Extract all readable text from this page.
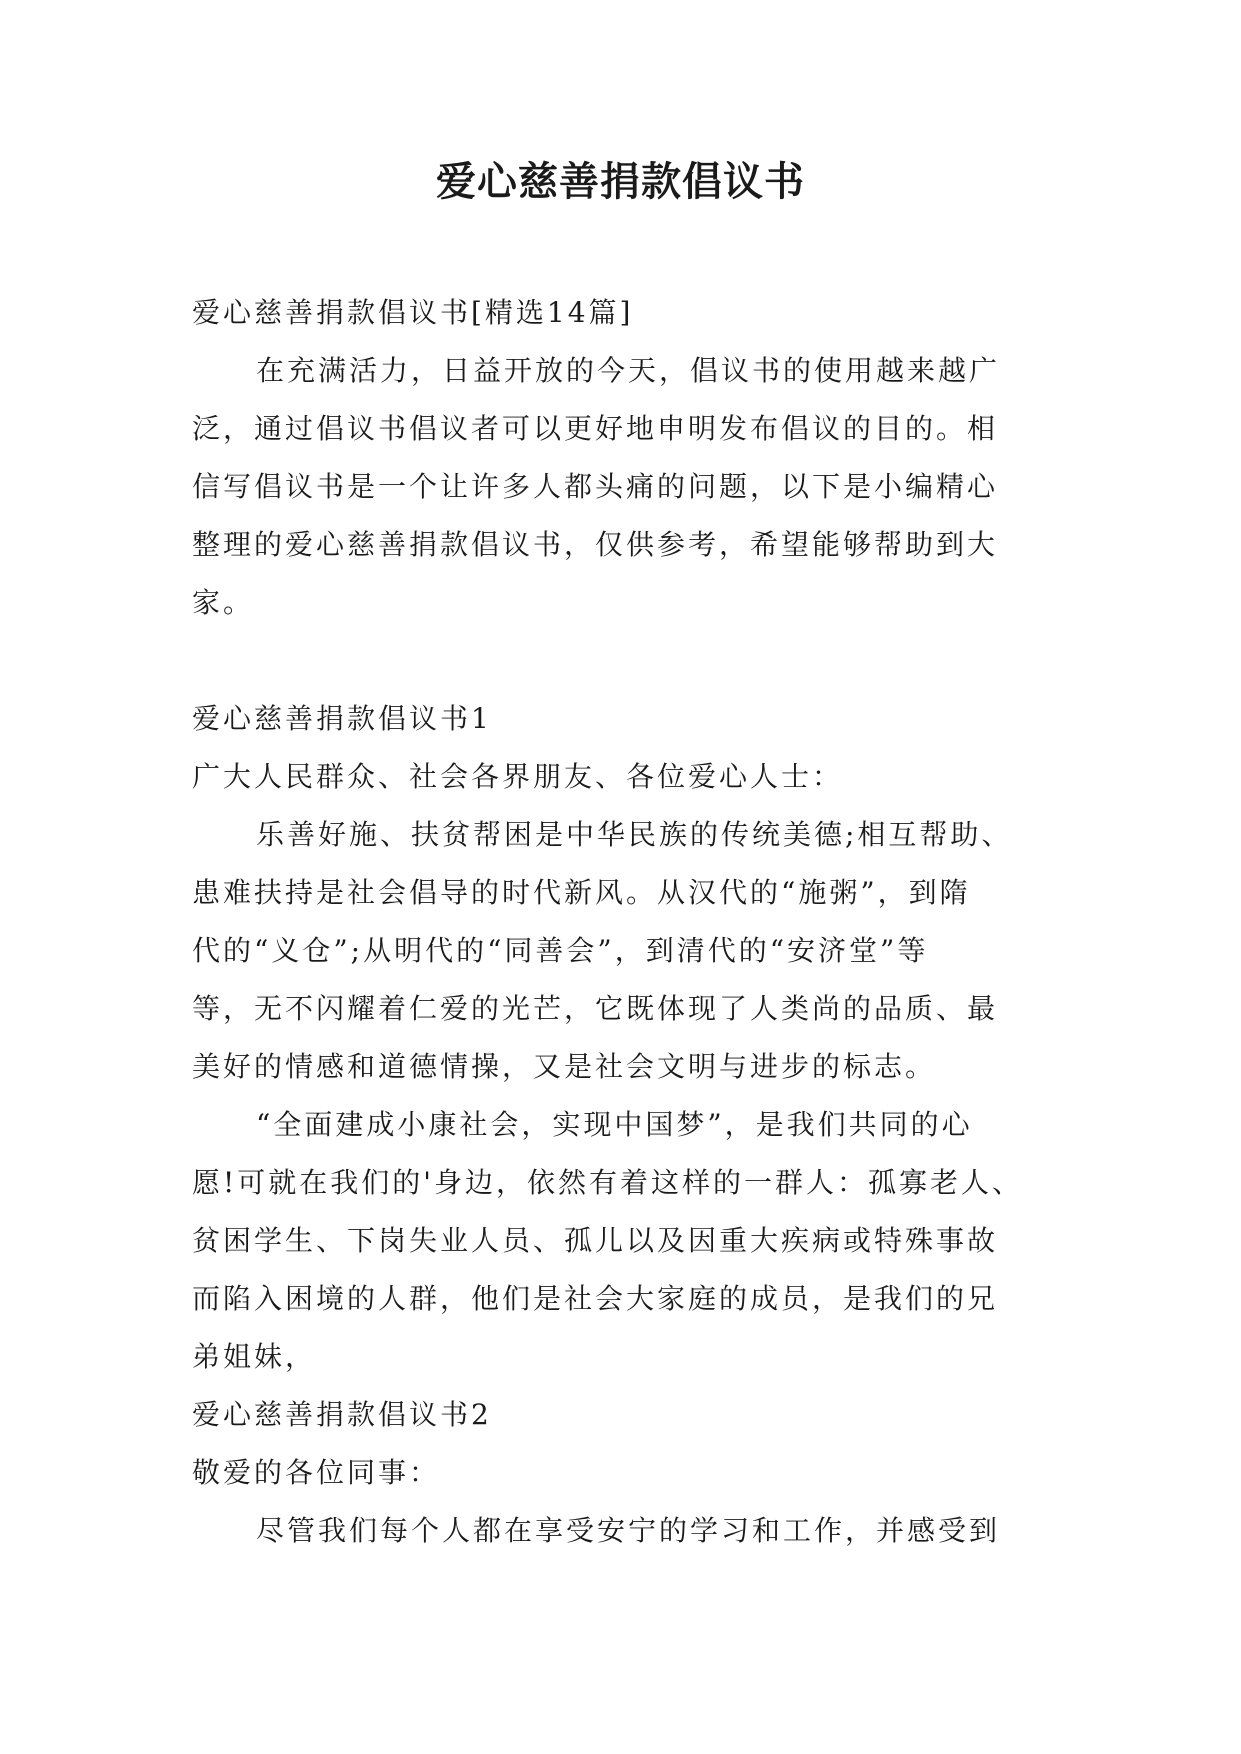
爱心慈善捐款倡议书
爱心慈善捐款倡议书[精选14篇]
在充满活力，日益开放的今天，倡议书的使用越来越广
泛，通过倡议书倡议者可以更好地申明发布倡议的目的。相
信写倡议书是一个让许多人都头痛的问题，以下是小编精心
整理的爱心慈善捐款倡议书，仅供参考，希望能够帮助到大
家。
爱心慈善捐款倡议书1
广大人民群众、社会各界朋友、各位爱心人士：
乐善好施、扶贫帮困是中华民族的传统美德;相互帮助、
患难扶持是社会倡导的时代新风。从汉代的“施粥”，到隋
代的“义仓”;从明代的“同善会”，到清代的“安济堂”等
等，无不闪耀着仁爱的光芒，它既体现了人类尚的品质、最
美好的情感和道德情操，又是社会文明与进步的标志。
“全面建成小康社会，实现中国梦”，是我们共同的心
愿!可就在我们的'身边，依然有着这样的一群人：孤寡老人、
贫困学生、下岗失业人员、孤儿以及因重大疾病或特殊事故
而陷入困境的人群，他们是社会大家庭的成员，是我们的兄
弟姐妹，
爱心慈善捐款倡议书2
敬爱的各位同事：
尽管我们每个人都在享受安宁的学习和工作，并感受到
